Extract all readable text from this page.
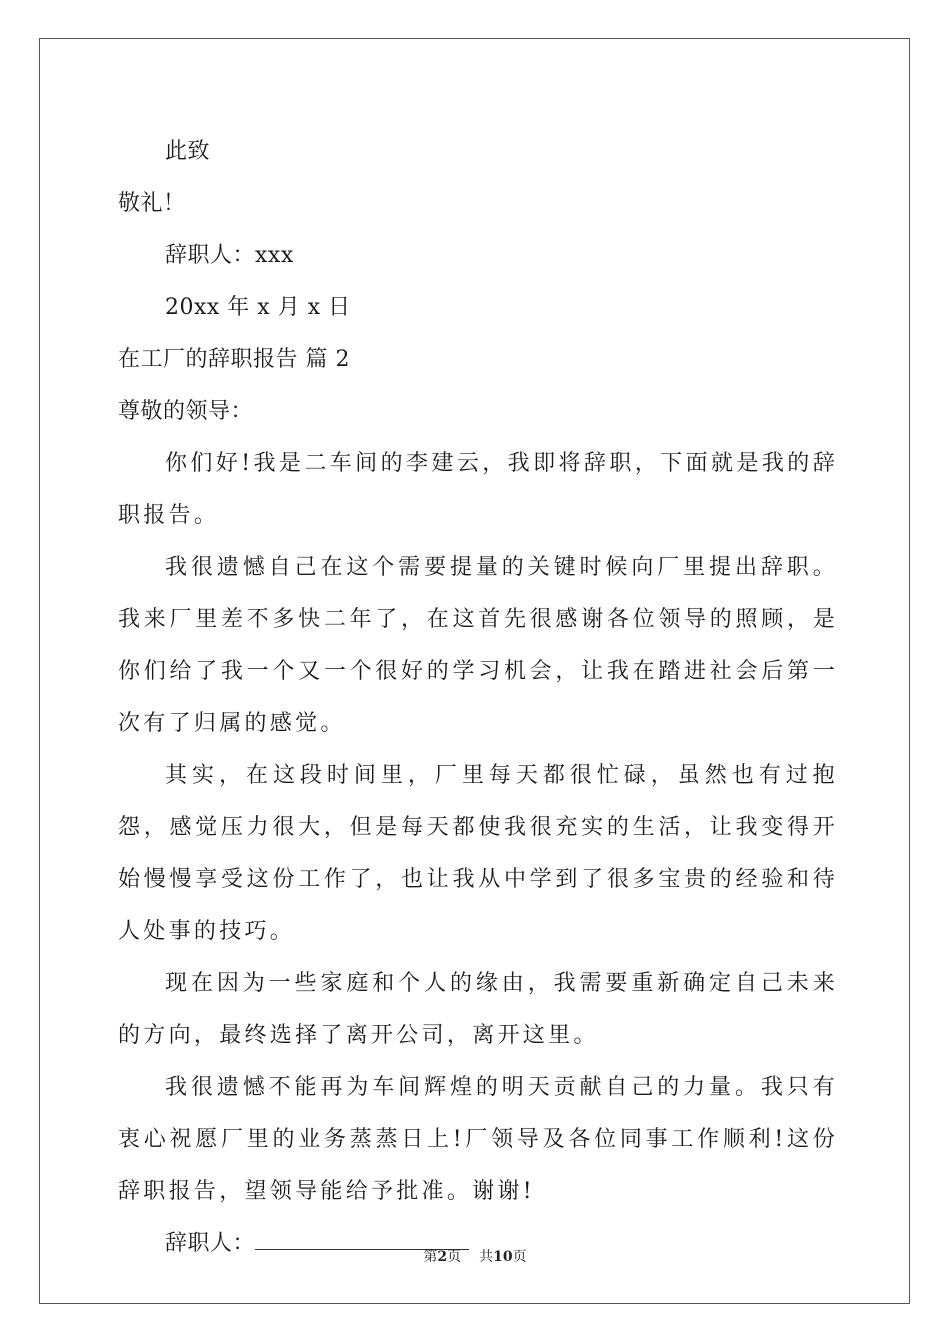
此致
敬礼！
辞职人：xxx
20xx 年 x 月 x 日
在工厂的辞职报告 篇 2
尊敬的领导：

你们好!我是二车间的李建云，我即将辞职，下面就是我的辞职报告。

我很遗憾自己在这个需要提量的关键时候向厂里提出辞职。我来厂里差不多快二年了，在这首先很感谢各位领导的照顾，是你们给了我一个又一个很好的学习机会，让我在踏进社会后第一次有了归属的感觉。

其实，在这段时间里，厂里每天都很忙碌，虽然也有过抱怨，感觉压力很大，但是每天都使我很充实的生活，让我变得开始慢慢享受这份工作了，也让我从中学到了很多宝贵的经验和待人处事的技巧。

现在因为一些家庭和个人的缘由，我需要重新确定自己未来的方向，最终选择了离开公司，离开这里。

我很遗憾不能再为车间辉煌的明天贡献自己的力量。我只有衷心祝愿厂里的业务蒸蒸日上!厂领导及各位同事工作顺利!这份辞职报告，望领导能给予批准。谢谢!

辞职人：
第2页 共10页
